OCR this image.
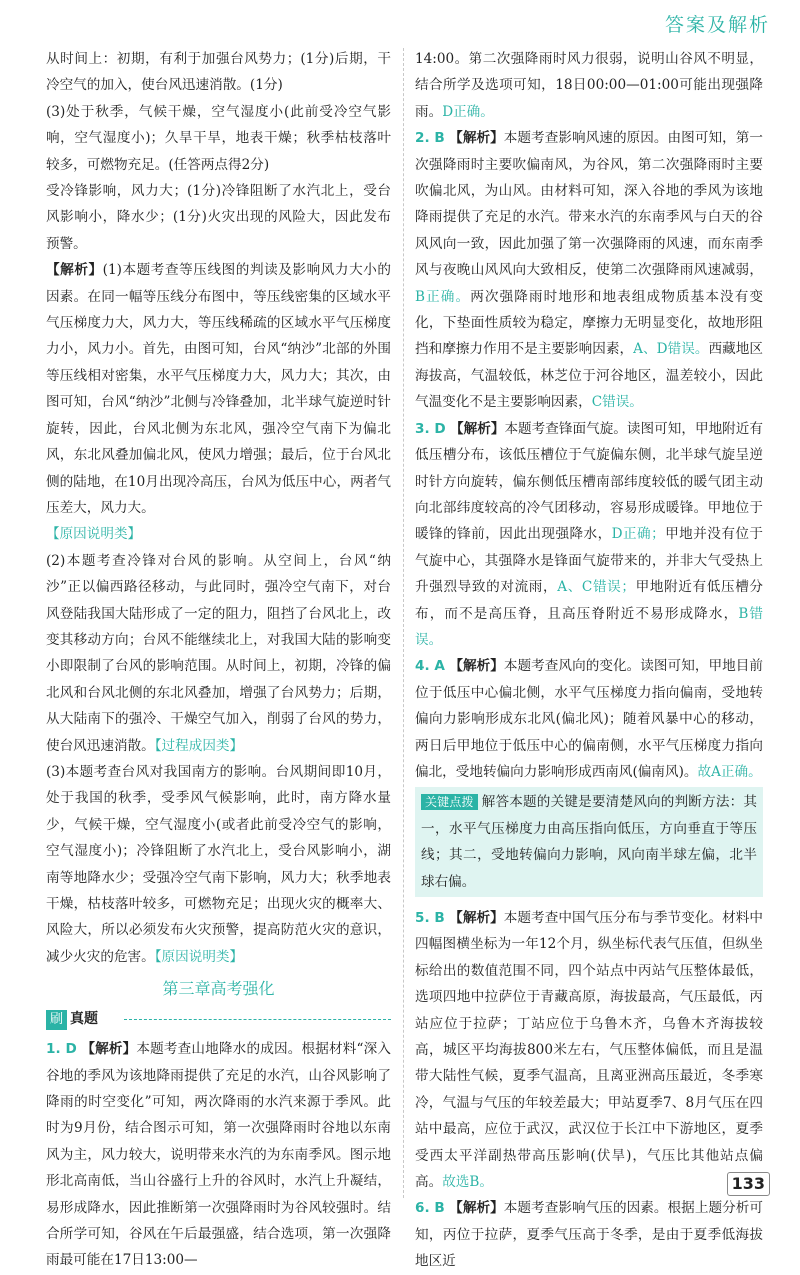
答案及解析

从时间上：初期，有利于加强台风势力；(1分)后期，干冷空气的加入，使台风迅速消散。(1分)

(3)处于秋季，气候干燥，空气湿度小(此前受冷空气影响，空气湿度小)；久旱干旱，地表干燥；秋季枯枝落叶较多，可燃物充足。(任答两点得2分)

受冷锋影响，风力大；(1分)冷锋阻断了水汽北上，受台风影响小，降水少；(1分)火灾出现的风险大，因此发布预警。

【解析】(1)本题考查等压线图的判读及影响风力大小的因素。在同一幅等压线分布图中，等压线密集的区域水平气压梯度力大，风力大，等压线稀疏的区域水平气压梯度力小，风力小。首先，由图可知，台风“纳沙”北部的外围等压线相对密集，水平气压梯度力大，风力大；其次，由图可知，台风“纳沙”北侧与冷锋叠加，北半球气旋逆时针旋转，因此，台风北侧为东北风，强冷空气南下为偏北风，东北风叠加偏北风，使风力增强；最后，位于台风北侧的陆地，在10月出现冷高压，台风为低压中心，两者气压差大，风力大。

【原因说明类】

(2)本题考查冷锋对台风的影响。从空间上，台风“纳沙”正以偏西路径移动，与此同时，强冷空气南下，对台风登陆我国大陆形成了一定的阻力，阻挡了台风北上，改变其移动方向；台风不能继续北上，对我国大陆的影响变小即限制了台风的影响范围。从时间上，初期，冷锋的偏北风和台风北侧的东北风叠加，增强了台风势力；后期，从大陆南下的强冷、干燥空气加入，削弱了台风的势力，使台风迅速消散。【过程成因类】

(3)本题考查台风对我国南方的影响。台风期间即10月，处于我国的秋季，受季风气候影响，此时，南方降水量少，气候干燥，空气湿度小(或者此前受冷空气的影响，空气湿度小)；冷锋阻断了水汽北上，受台风影响小，湖南等地降水少；受强冷空气南下影响，风力大；秋季地表干燥，枯枝落叶较多，可燃物充足；出现火灾的概率大、风险大，所以必须发布火灾预警，提高防范火灾的意识，减少火灾的危害。【原因说明类】

第三章高考强化
刷 真题

1. D 【解析】本题考查山地降水的成因。根据材料“深入谷地的季风为该地降雨提供了充足的水汽，山谷风影响了降雨的时空变化”可知，两次降雨的水汽来源于季风。此时为9月份，结合图示可知，第一次强降雨时谷地以东南风为主，风力较大，说明带来水汽的为东南季风。图示地形北高南低，当山谷盛行上升的谷风时，水汽上升凝结，易形成降水，因此推断第一次强降雨时为谷风较强时。结合所学可知，谷风在午后最强盛，结合选项，第一次强降雨最可能在17日13:00—

14:00。第二次强降雨时风力很弱，说明山谷风不明显，结合所学及选项可知，18日00:00—01:00可能出现强降雨。D正确。

2. B 【解析】本题考查影响风速的原因。由图可知，第一次强降雨时主要吹偏南风，为谷风，第二次强降雨时主要吹偏北风，为山风。由材料可知，深入谷地的季风为该地降雨提供了充足的水汽。带来水汽的东南季风与白天的谷风风向一致，因此加强了第一次强降雨的风速，而东南季风与夜晚山风风向大致相反，使第二次强降雨风速减弱，B正确。两次强降雨时地形和地表组成物质基本没有变化，下垫面性质较为稳定，摩擦力无明显变化，故地形阻挡和摩擦力作用不是主要影响因素，A、D错误。西藏地区海拔高，气温较低，林芝位于河谷地区，温差较小，因此气温变化不是主要影响因素，C错误。

3. D 【解析】本题考查锋面气旋。读图可知，甲地附近有低压槽分布，该低压槽位于气旋偏东侧，北半球气旋呈逆时针方向旋转，偏东侧低压槽南部纬度较低的暖气团主动向北部纬度较高的冷气团移动，容易形成暖锋。甲地位于暖锋的锋前，因此出现强降水，D正确；甲地并没有位于气旋中心，其强降水是锋面气旋带来的，并非大气受热上升强烈导致的对流雨，A、C错误；甲地附近有低压槽分布，而不是高压脊，且高压脊附近不易形成降水，B错误。

4. A 【解析】本题考查风向的变化。读图可知，甲地目前位于低压中心偏北侧，水平气压梯度力指向偏南，受地转偏向力影响形成东北风(偏北风)；随着风暴中心的移动，两日后甲地位于低压中心的偏南侧，水平气压梯度力指向偏北，受地转偏向力影响形成西南风(偏南风)。故A正确。

关键点拨 解答本题的关键是要清楚风向的判断方法：其一，水平气压梯度力由高压指向低压，方向垂直于等压线；其二，受地转偏向力影响，风向南半球左偏，北半球右偏。

5. B 【解析】本题考查中国气压分布与季节变化。材料中四幅图横坐标为一年12个月，纵坐标代表气压值，但纵坐标给出的数值范围不同，四个站点中丙站气压整体最低，选项四地中拉萨位于青藏高原，海拔最高，气压最低，丙站应位于拉萨；丁站应位于乌鲁木齐，乌鲁木齐海拔较高，城区平均海拔800米左右，气压整体偏低，而且是温带大陆性气候，夏季气温高，且离亚洲高压最近，冬季寒冷，气温与气压的年较差最大；甲站夏季7、8月气压在四站中最高，应位于武汉，武汉位于长江中下游地区，夏季受西太平洋副热带高压影响(伏旱)，气压比其他站点偏高。故选B。

6. B 【解析】本题考查影响气压的因素。根据上题分析可知，丙位于拉萨，夏季气压高于冬季，是由于夏季低海拔地区近

133
